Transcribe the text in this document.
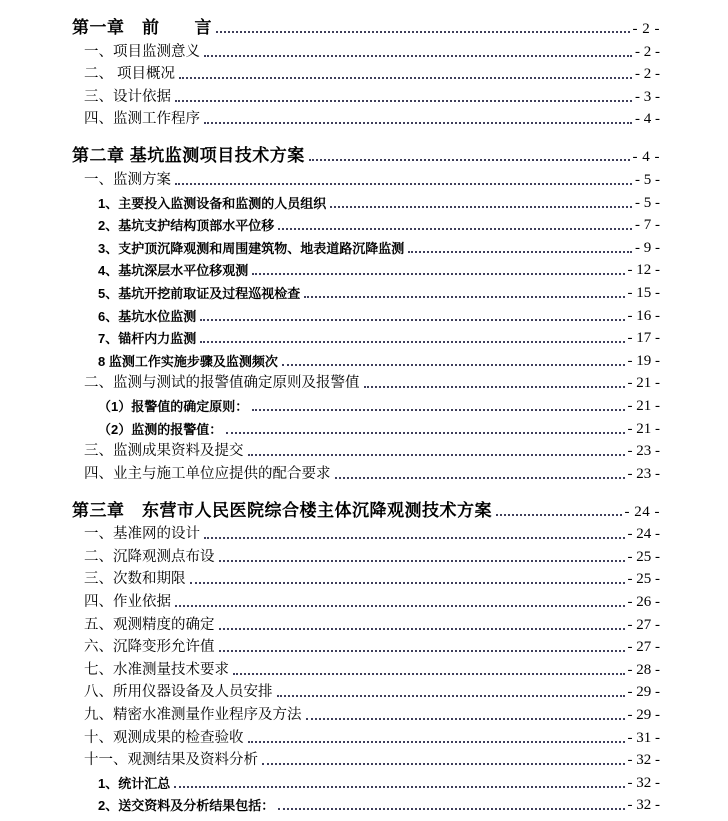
第一章　前　　言	- 2 -
一、项目监测意义	- 2 -
二、 项目概况	- 2 -
三、设计依据	- 3 -
四、监测工作程序	- 4 -
第二章 基坑监测项目技术方案	- 4 -
一、监测方案	- 5 -
1、主要投入监测设备和监测的人员组织	- 5 -
2、基坑支护结构顶部水平位移	- 7 -
3、支护顶沉降观测和周围建筑物、地表道路沉降监测	- 9 -
4、基坑深层水平位移观测	- 12 -
5、基坑开挖前取证及过程巡视检查	- 15 -
6、基坑水位监测	- 16 -
7、锚杆内力监测	- 17 -
8 监测工作实施步骤及监测频次	- 19 -
二、监测与测试的报警值确定原则及报警值	- 21 -
（1）报警值的确定原则：	- 21 -
（2）监测的报警值：	- 21 -
三、监测成果资料及提交	- 23 -
四、业主与施工单位应提供的配合要求	- 23 -
第三章　东营市人民医院综合楼主体沉降观测技术方案	- 24 -
一、基准网的设计	- 24 -
二、沉降观测点布设	- 25 -
三、次数和期限	- 25 -
四、作业依据	- 26 -
五、观测精度的确定	- 27 -
六、沉降变形允许值	- 27 -
七、水准测量技术要求	- 28 -
八、所用仪器设备及人员安排	- 29 -
九、精密水准测量作业程序及方法	- 29 -
十、观测成果的检查验收	- 31 -
十一、观测结果及资料分析	- 32 -
1、统计汇总	- 32 -
2、送交资料及分析结果包括：	- 32 -
